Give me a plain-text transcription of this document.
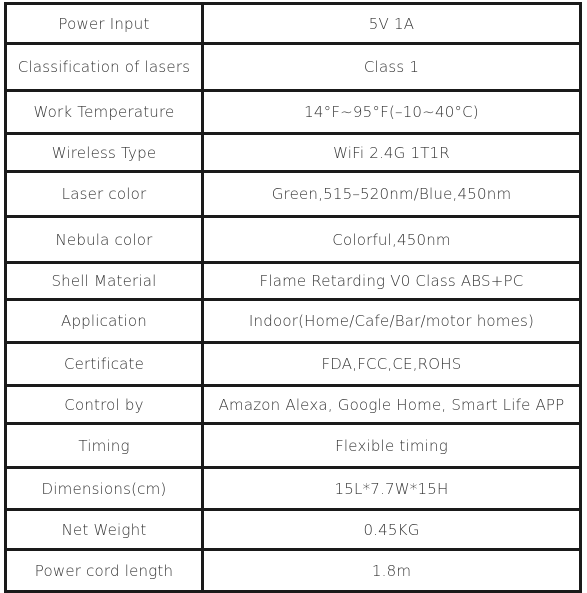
Power Input	5V 1A
Classification of lasers	Class 1
Work Temperature	14°F~95°F(–10~40°C)
Wireless Type	WiFi 2.4G 1T1R
Laser color	Green,515–520nm/Blue,450nm
Nebula color	Colorful,450nm
Shell Material	Flame Retarding V0 Class ABS+PC
Application	Indoor(Home/Cafe/Bar/motor homes)
Certificate	FDA,FCC,CE,ROHS
Control by	Amazon Alexa, Google Home, Smart Life APP
Timing	Flexible timing
Dimensions(cm)	15L*7.7W*15H
Net Weight	0.45KG
Power cord length	1.8m
